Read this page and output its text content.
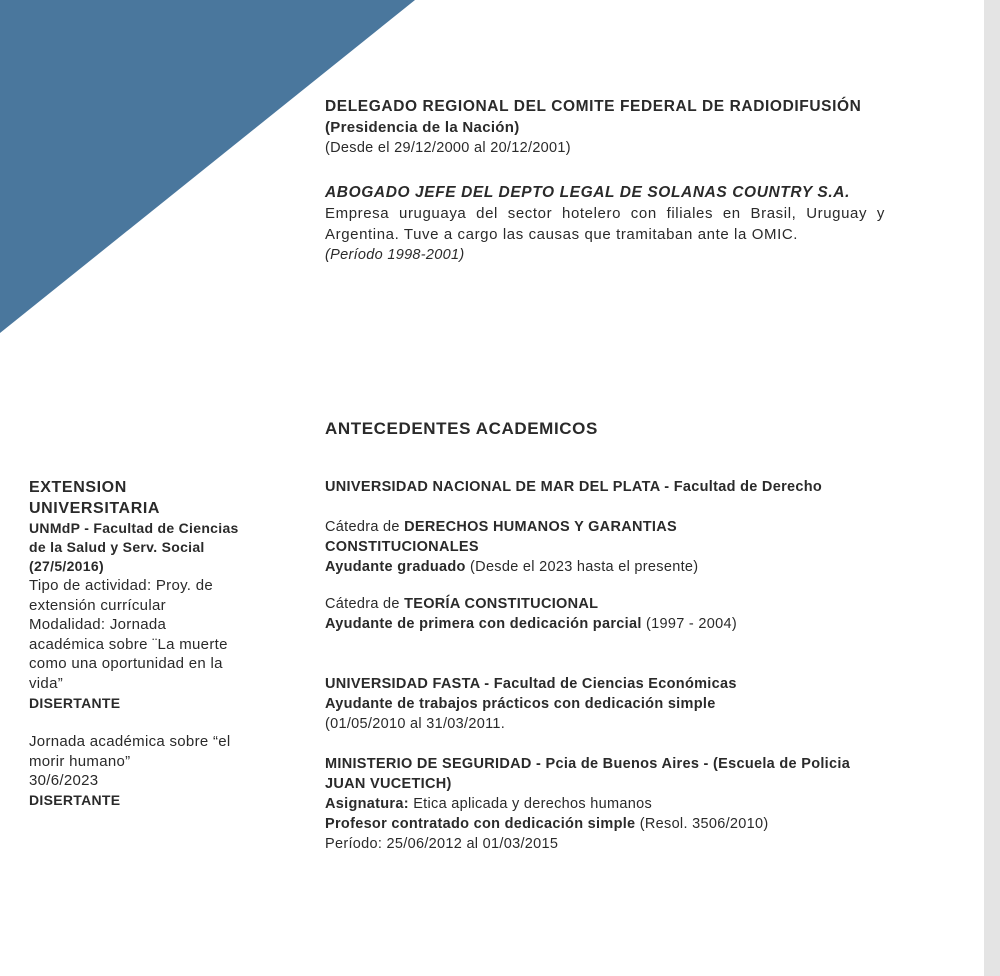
DELEGADO REGIONAL DEL COMITE FEDERAL DE RADIODIFUSIÓN
(Presidencia de la Nación)
(Desde el 29/12/2000 al 20/12/2001)
ABOGADO JEFE DEL DEPTO LEGAL DE SOLANAS COUNTRY S.A.
Empresa uruguaya del sector hotelero con filiales en Brasil, Uruguay y Argentina. Tuve a cargo las causas que tramitaban ante la OMIC.
(Período 1998-2001)
ANTECEDENTES ACADEMICOS
UNIVERSIDAD NACIONAL DE MAR DEL PLATA - Facultad de Derecho
Cátedra de DERECHOS HUMANOS Y GARANTIAS CONSTITUCIONALES
Ayudante graduado (Desde el 2023 hasta el presente)
Cátedra de TEORÍA CONSTITUCIONAL
Ayudante de primera con dedicación parcial (1997 - 2004)
UNIVERSIDAD FASTA - Facultad de Ciencias Económicas
Ayudante de trabajos prácticos con dedicación simple
(01/05/2010 al 31/03/2011.
MINISTERIO DE SEGURIDAD - Pcia de Buenos Aires - (Escuela de Policia JUAN VUCETICH)
Asignatura: Etica aplicada y derechos humanos
Profesor contratado con dedicación simple (Resol. 3506/2010)
Período: 25/06/2012 al 01/03/2015
EXTENSION UNIVERSITARIA
UNMdP - Facultad de Ciencias de la Salud y Serv. Social (27/5/2016)
Tipo de actividad: Proy. de extensión currícular
Modalidad: Jornada académica sobre ¨La muerte como una oportunidad en la vida”
DISERTANTE
Jornada académica sobre “el morir humano”
30/6/2023
DISERTANTE
